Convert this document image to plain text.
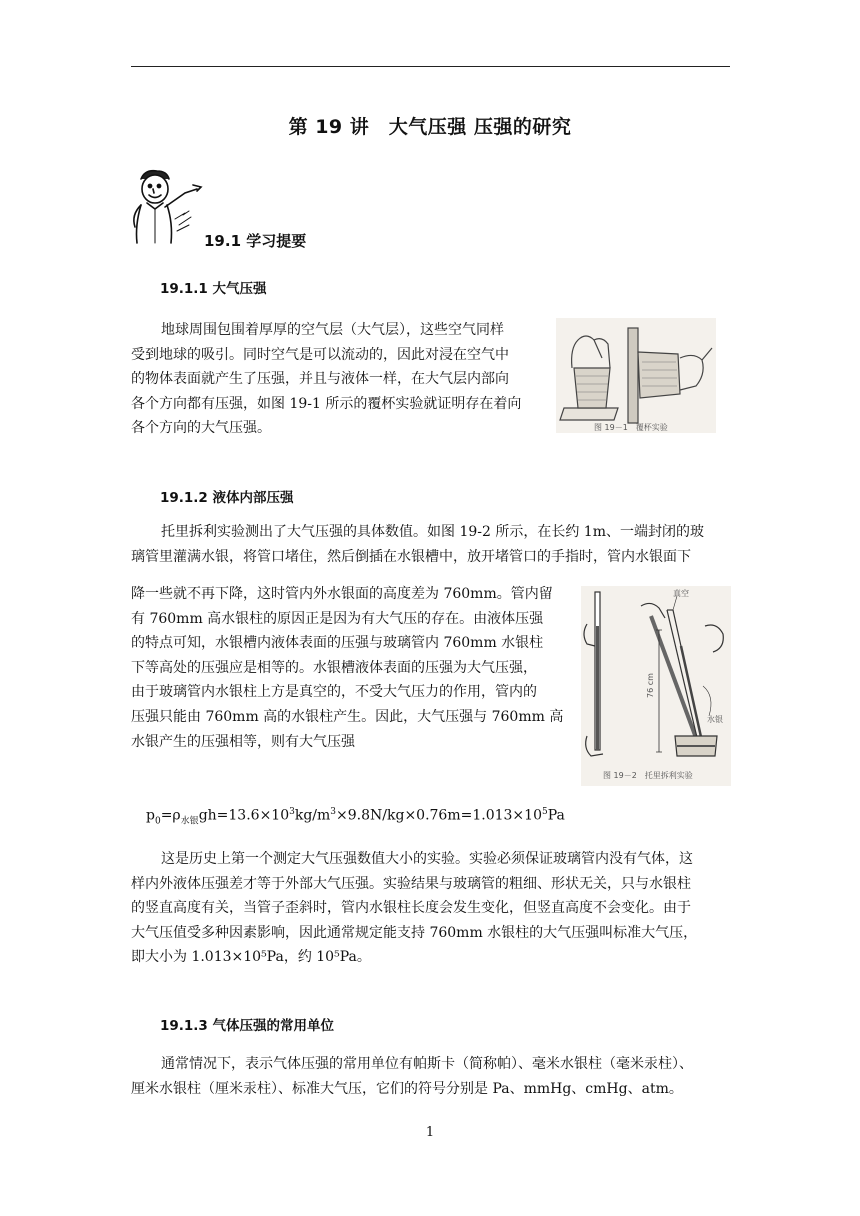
第 19 讲　大气压强 压强的研究
19.1 学习提要
19.1.1 大气压强

地球周围包围着厚厚的空气层（大气层），这些空气同样

受到地球的吸引。同时空气是可以流动的，因此对浸在空气中

的物体表面就产生了压强，并且与液体一样，在大气层内部向

各个方向都有压强，如图 19-1 所示的覆杯实验就证明存在着向

各个方向的大气压强。	图 19－1　覆杯实验
19.1.2 液体内部压强

托里拆利实验测出了大气压强的具体数值。如图 19-2 所示，在长约 1m、一端封闭的玻

璃管里灌满水银，将管口堵住，然后倒插在水银槽中，放开堵管口的手指时，管内水银面下

降一些就不再下降，这时管内外水银面的高度差为 760mm。管内留

有 760mm 高水银柱的原因正是因为有大气压的存在。由液体压强

的特点可知，水银槽内液体表面的压强与玻璃管内 760mm 水银柱

下等高处的压强应是相等的。水银槽液体表面的压强为大气压强，

由于玻璃管内水银柱上方是真空的，不受大气压力的作用，管内的

压强只能由 760mm 高的水银柱产生。因此，大气压强与 760mm 高

水银产生的压强相等，则有大气压强

真空
76 cm
水银
图 19－2　托里拆利实验
$p_0=\rho_{水银}gh=13.6\times 10^3kg/m^3\times 9.8N/kg\times 0.76m=1.013\times 10^5Pa$

这是历史上第一个测定大气压强数值大小的实验。实验必须保证玻璃管内没有气体，这

样内外液体压强差才等于外部大气压强。实验结果与玻璃管的粗细、形状无关，只与水银柱

的竖直高度有关，当管子歪斜时，管内水银柱长度会发生变化，但竖直高度不会变化。由于

大气压值受多种因素影响，因此通常规定能支持 760mm 水银柱的大气压强叫标准大气压，

即大小为 1.013×10⁵Pa，约 10⁵Pa。

19.1.3 气体压强的常用单位

通常情况下，表示气体压强的常用单位有帕斯卡（简称帕）、毫米水银柱（毫米汞柱）、

厘米水银柱（厘米汞柱）、标准大气压，它们的符号分别是 Pa、mmHg、cmHg、atm。

1
